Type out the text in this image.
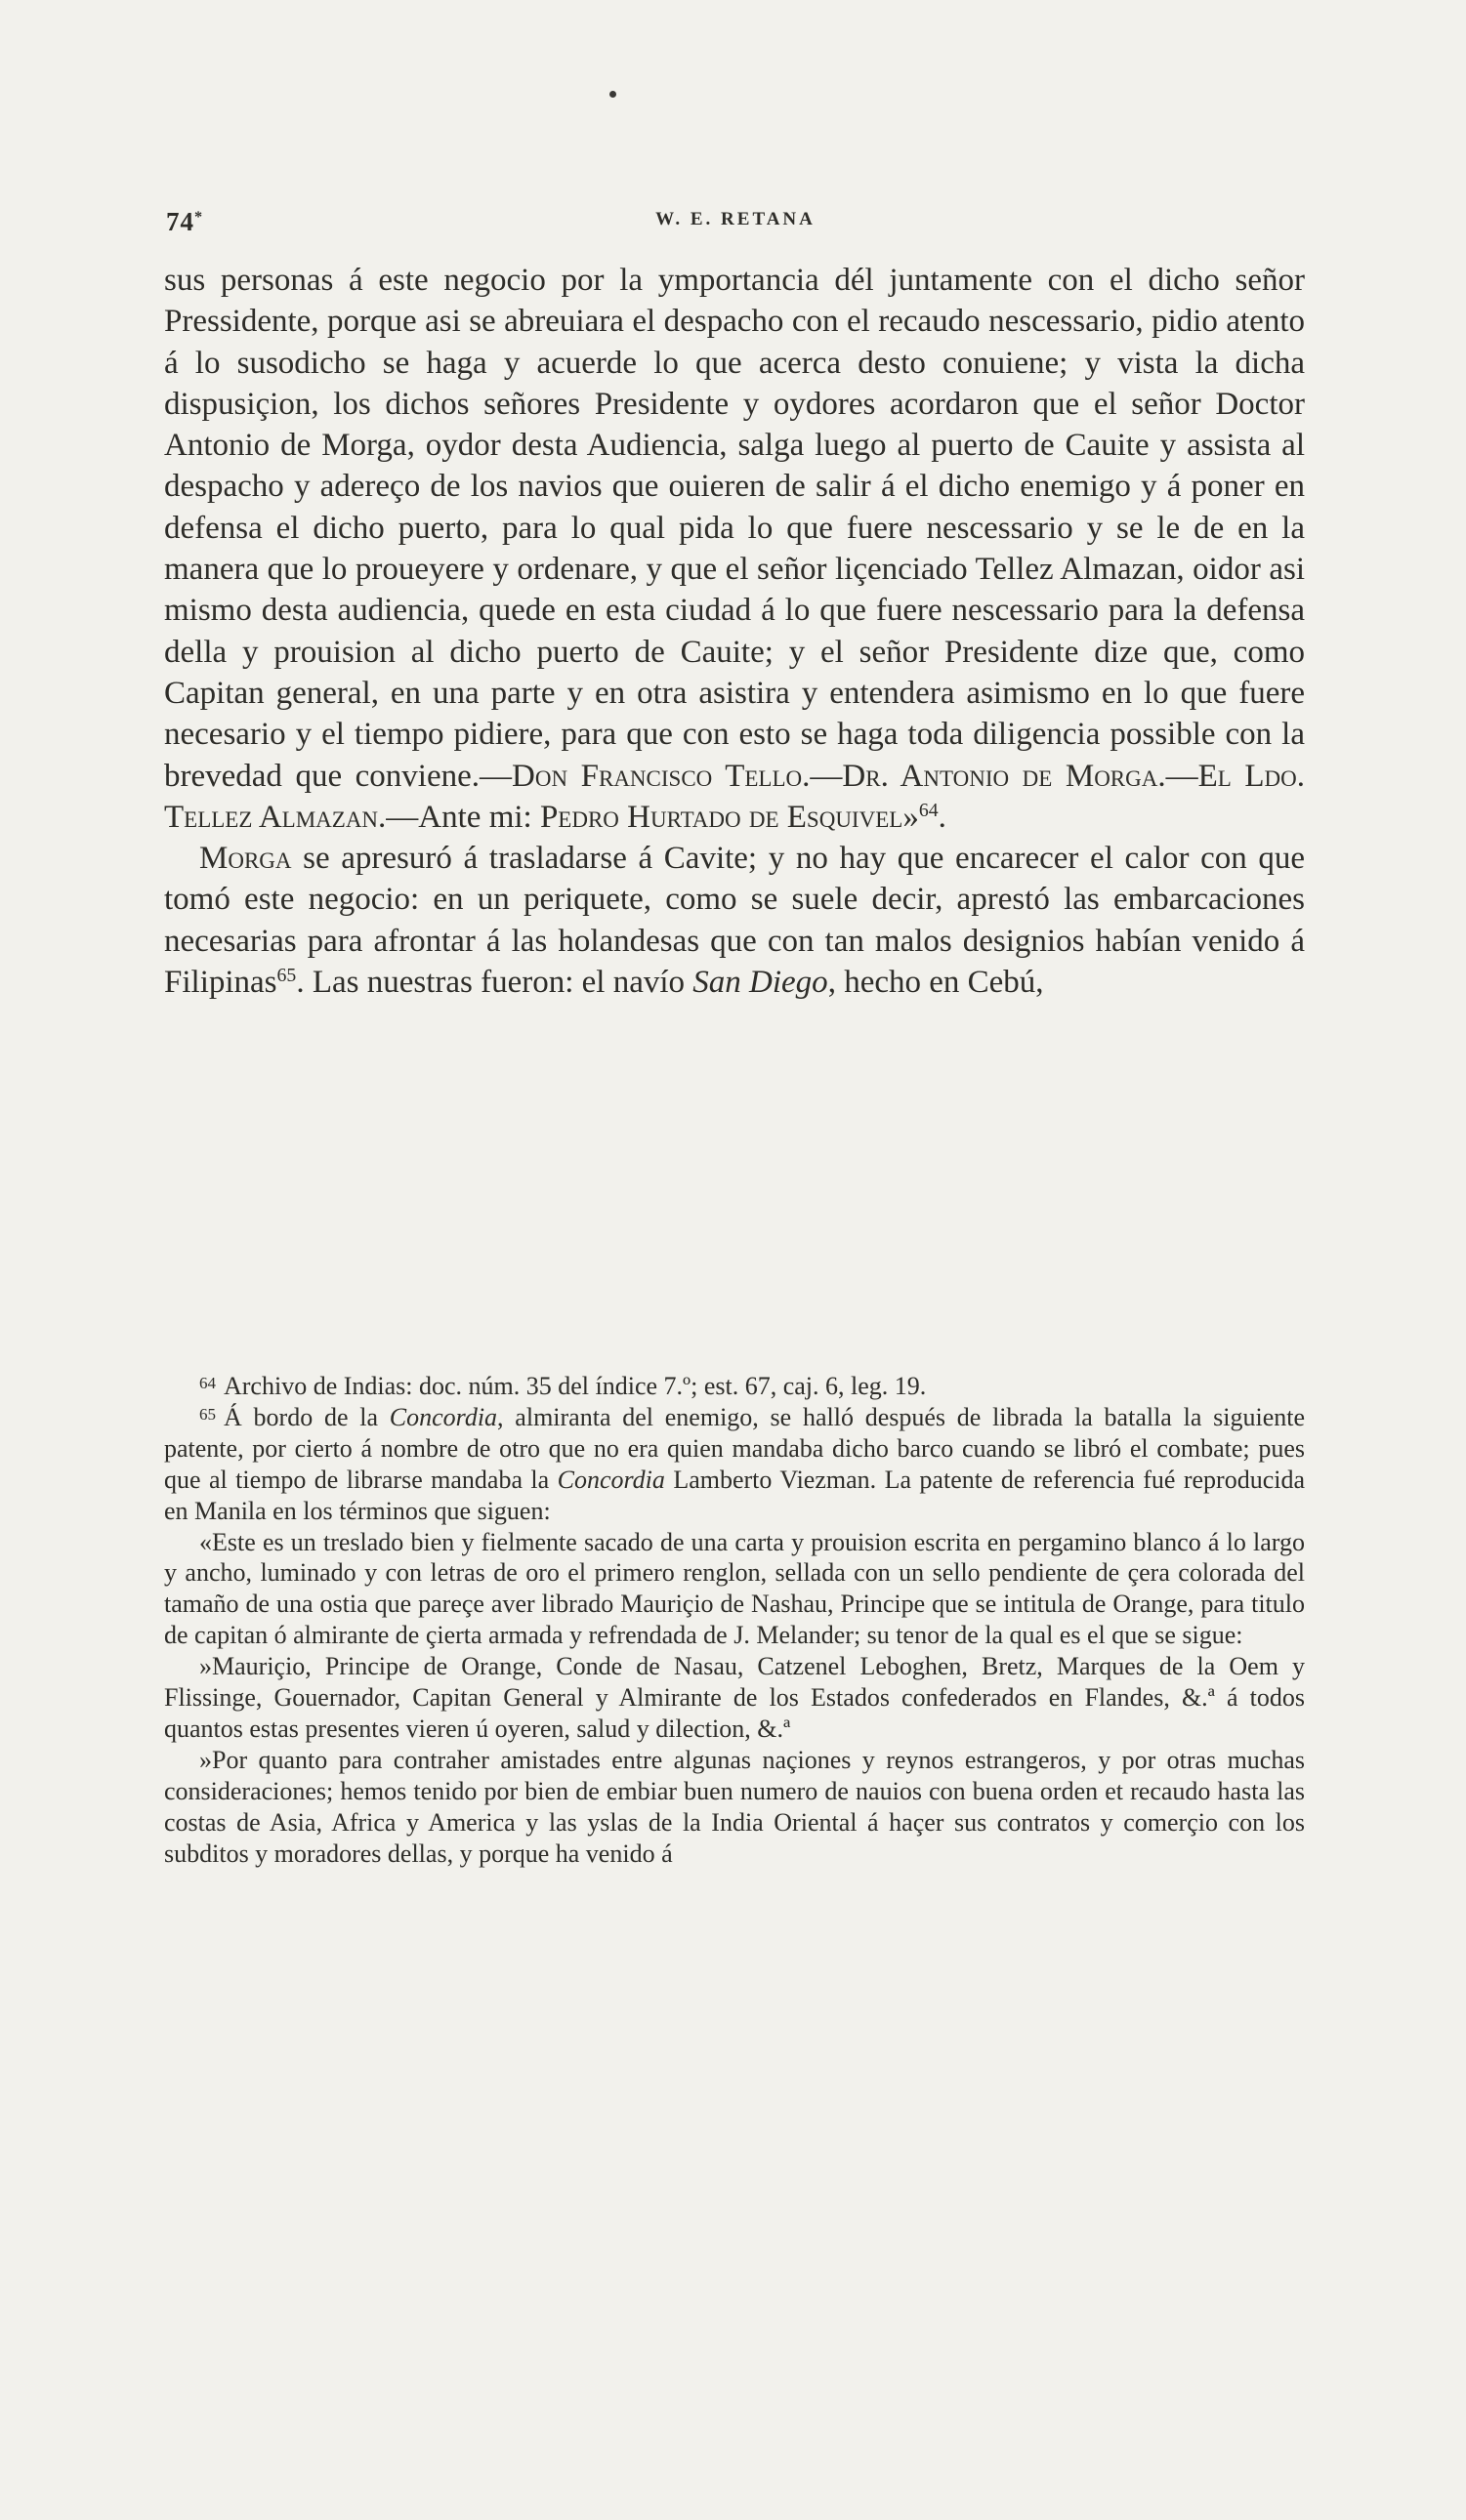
74*	W. E. RETANA

sus personas á este negocio por la ymportancia dél juntamente con el dicho señor Pressidente, porque asi se abreuiara el despacho con el recaudo nescessario, pidio atento á lo susodicho se haga y acuerde lo que acerca desto conuiene; y vista la dicha dispusiçion, los dichos señores Presidente y oydores acordaron que el señor Doctor Antonio de Morga, oydor desta Audiencia, salga luego al puerto de Cauite y assista al despacho y adereço de los navios que ouieren de salir á el dicho enemigo y á poner en defensa el dicho puerto, para lo qual pida lo que fuere nescessario y se le de en la manera que lo proueyere y ordenare, y que el señor liçenciado Tellez Almazan, oidor asi mismo desta audiencia, quede en esta ciudad á lo que fuere nescessario para la defensa della y prouision al dicho puerto de Cauite; y el señor Presidente dize que, como Capitan general, en una parte y en otra asistira y entendera asimismo en lo que fuere necesario y el tiempo pidiere, para que con esto se haga toda diligencia possible con la brevedad que conviene.—Don Francisco Tello.—Dr. Antonio de Morga.—El Ldo. Tellez Almazan.—Ante mi: Pedro Hurtado de Esquivel»$^{64}$.

Morga se apresuró á trasladarse á Cavite; y no hay que encarecer el calor con que tomó este negocio: en un periquete, como se suele decir, aprestó las embarcaciones necesarias para afrontar á las holandesas que con tan malos designios habían venido á Filipinas$^{65}$. Las nuestras fueron: el navío San Diego, hecho en Cebú,

$^{64}$ Archivo de Indias: doc. núm. 35 del índice 7.º; est. 67, caj. 6, leg. 19.

$^{65}$ Á bordo de la Concordia, almiranta del enemigo, se halló después de librada la batalla la siguiente patente, por cierto á nombre de otro que no era quien mandaba dicho barco cuando se libró el combate; pues que al tiempo de librarse mandaba la Concordia Lamberto Viezman. La patente de referencia fué reproducida en Manila en los términos que siguen:

«Este es un treslado bien y fielmente sacado de una carta y prouision escrita en pergamino blanco á lo largo y ancho, luminado y con letras de oro el primero renglon, sellada con un sello pendiente de çera colorada del tamaño de una ostia que pareçe aver librado Mauriçio de Nashau, Principe que se intitula de Orange, para titulo de capitan ó almirante de çierta armada y refrendada de J. Melander; su tenor de la qual es el que se sigue:

»Mauriçio, Principe de Orange, Conde de Nasau, Catzenel Leboghen, Bretz, Marques de la Oem y Flissinge, Gouernador, Capitan General y Almirante de los Estados confederados en Flandes, &.ª á todos quantos estas presentes vieren ú oyeren, salud y dilection, &.ª

»Por quanto para contraher amistades entre algunas naçiones y reynos estrangeros, y por otras muchas consideraciones; hemos tenido por bien de embiar buen numero de nauios con buena orden et recaudo hasta las costas de Asia, Africa y America y las yslas de la India Oriental á haçer sus contratos y comerçio con los subditos y moradores dellas, y porque ha venido á
